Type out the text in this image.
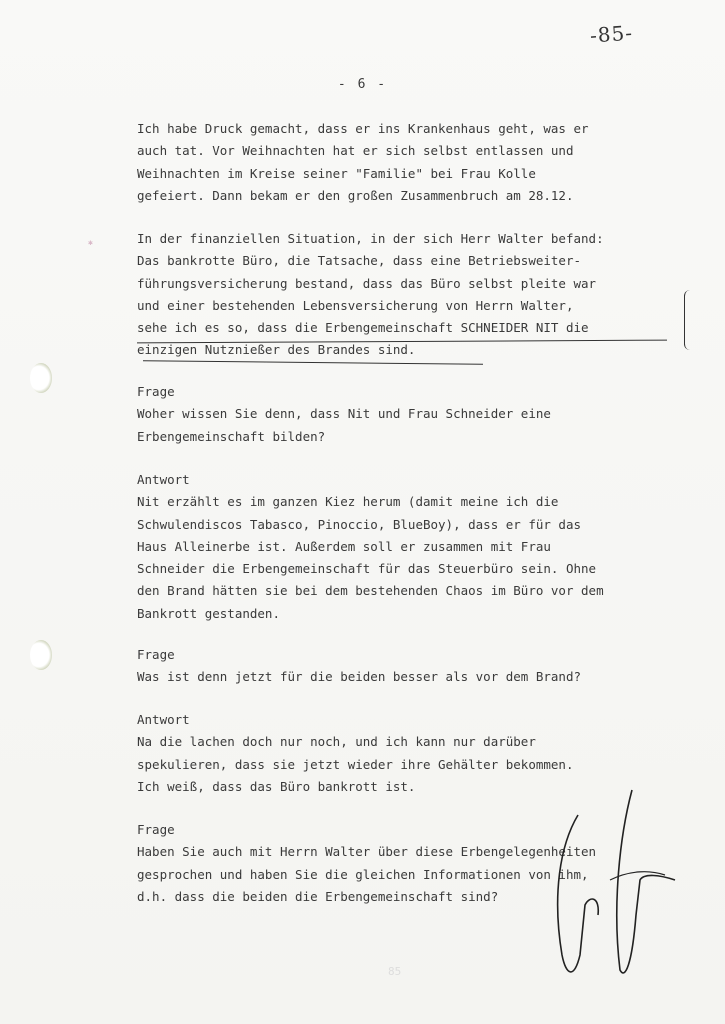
-85-
- 6 -
✱
Ich habe Druck gemacht, dass er ins Krankenhaus geht, was er
auch tat. Vor Weihnachten hat er sich selbst entlassen und
Weihnachten im Kreise seiner "Familie" bei Frau Kolle
gefeiert. Dann bekam er den großen Zusammenbruch am 28.12.
In der finanziellen Situation, in der sich Herr Walter befand:
Das bankrotte Büro, die Tatsache, dass eine Betriebsweiter-
führungsversicherung bestand, dass das Büro selbst pleite war
und einer bestehenden Lebensversicherung von Herrn Walter,
sehe ich es so, dass die Erbengemeinschaft SCHNEIDER NIT die
einzigen Nutznießer des Brandes sind.
Frage
Woher wissen Sie denn, dass Nit und Frau Schneider eine
Erbengemeinschaft bilden?
Antwort
Nit erzählt es im ganzen Kiez herum (damit meine ich die
Schwulendiscos Tabasco, Pinoccio, BlueBoy), dass er für das
Haus Alleinerbe ist. Außerdem soll er zusammen mit Frau
Schneider die Erbengemeinschaft für das Steuerbüro sein. Ohne
den Brand hätten sie bei dem bestehenden Chaos im Büro vor dem
Bankrott gestanden.
Frage
Was ist denn jetzt für die beiden besser als vor dem Brand?
Antwort
Na die lachen doch nur noch, und ich kann nur darüber
spekulieren, dass sie jetzt wieder ihre Gehälter bekommen.
Ich weiß, dass das Büro bankrott ist.
Frage
Haben Sie auch mit Herrn Walter über diese Erbengelegenheiten
gesprochen und haben Sie die gleichen Informationen von ihm,
d.h. dass die beiden die Erbengemeinschaft sind?
85
